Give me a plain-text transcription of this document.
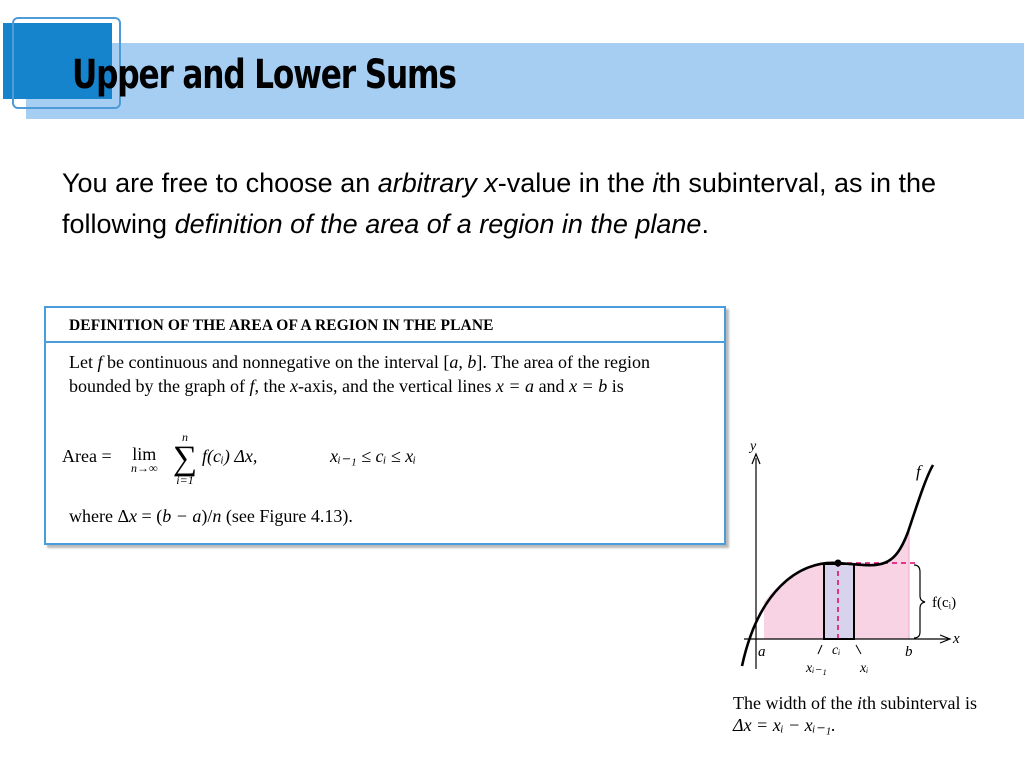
Upper and Lower Sums
You are free to choose an arbitrary x-value in the ith subinterval, as in the following definition of the area of a region in the plane.
DEFINITION OF THE AREA OF A REGION IN THE PLANE
Let f be continuous and nonnegative on the interval [a, b]. The area of the region bounded by the graph of f, the x-axis, and the vertical lines x = a and x = b is
where Δx = (b − a)/n (see Figure 4.13).
Area = lim
n→∞
n
∑
i=1
f(cᵢ) Δx,	xᵢ₋₁ ≤ cᵢ ≤ xᵢ	y
x
f
f(cᵢ)
a	b
cᵢ
xᵢ₋₁ xᵢ
The width of the ith subinterval is
Δx = xᵢ − xᵢ₋₁.
